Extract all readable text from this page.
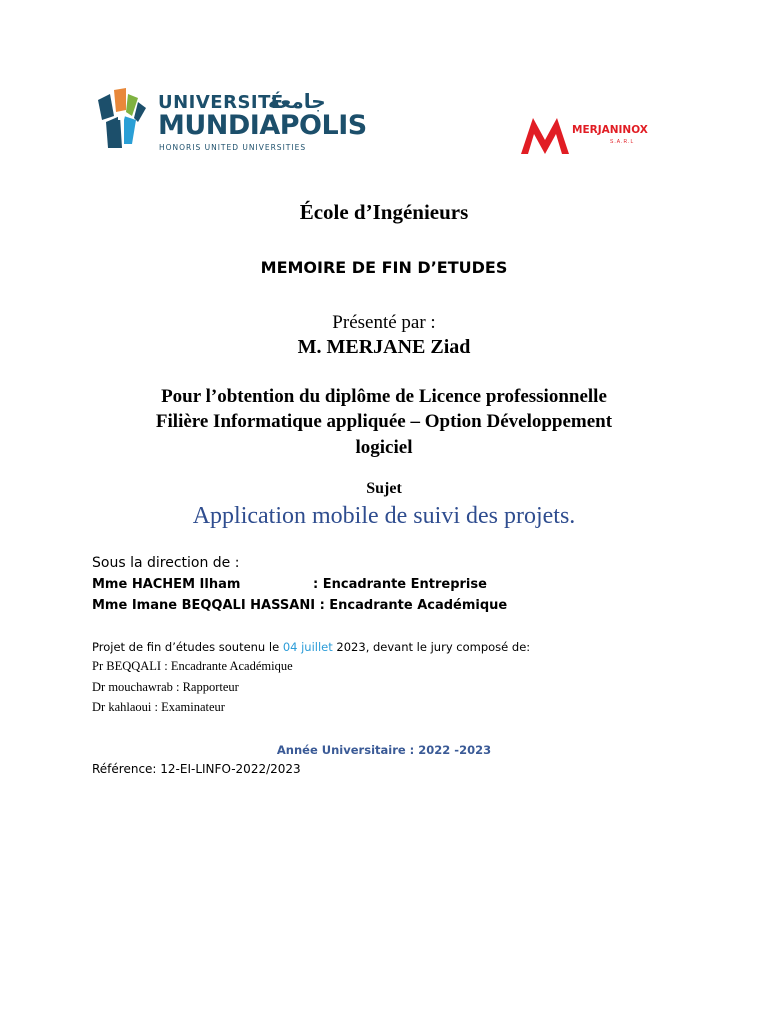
UNIVERSITÉ
جامعة
MUNDIAPOLIS
HONORIS UNITED UNIVERSITIES
MERJANINOX
S.A.R.L
École d’Ingénieurs
MEMOIRE DE FIN D’ETUDES
Présenté par :
M. MERJANE Ziad
Pour l’obtention du diplôme de Licence professionnelle
Filière Informatique appliquée – Option Développement
logiciel
Sujet
Application mobile de suivi des projets.
Sous la direction de :
Mme HACHEM Ilham	: Encadrante Entreprise
Mme Imane BEQQALI HASSANI : Encadrante Académique
Projet de fin d’études soutenu le 04 juillet 2023, devant le jury composé de:
Pr BEQQALI : Encadrante Académique
Dr mouchawrab : Rapporteur
Dr kahlaoui : Examinateur
Année Universitaire : 2022 -2023
Référence: 12-EI-LINFO-2022/2023
